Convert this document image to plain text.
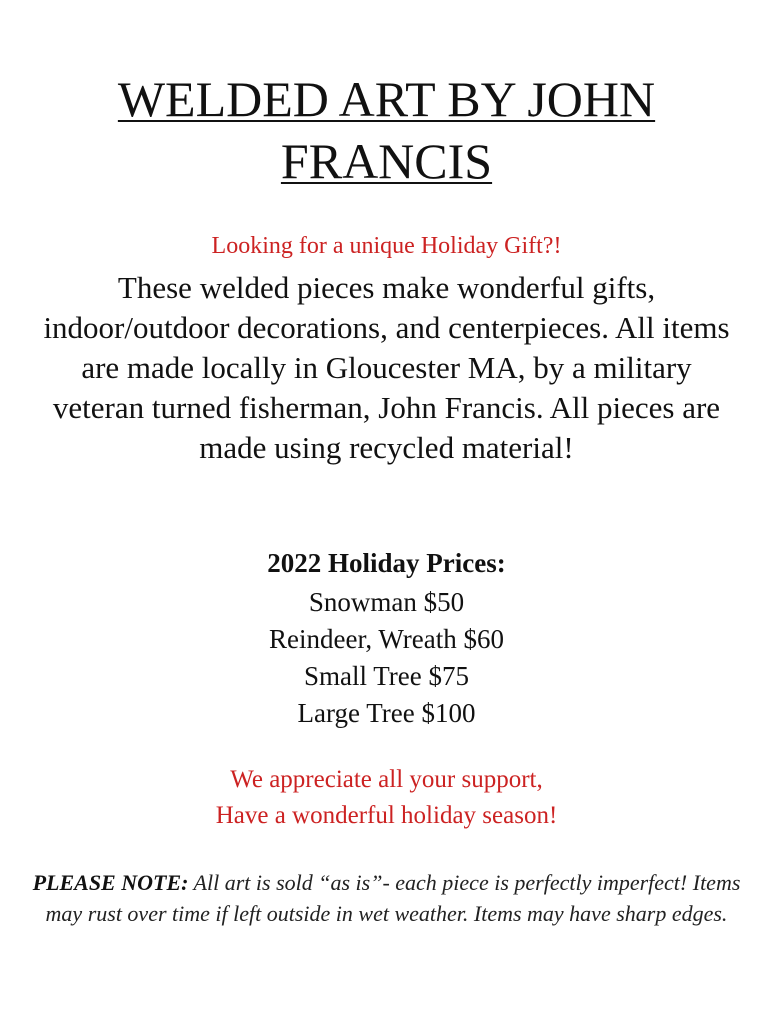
WELDED ART BY JOHN
FRANCIS
Looking for a unique Holiday Gift?!
These welded pieces make wonderful gifts, indoor/outdoor decorations, and centerpieces. All items are made locally in Gloucester MA, by a military veteran turned fisherman, John Francis. All pieces are made using recycled material!
2022 Holiday Prices:
Snowman $50
Reindeer, Wreath $60
Small Tree $75
Large Tree $100
We appreciate all your support,
Have a wonderful holiday season!
PLEASE NOTE: All art is sold “as is”- each piece is perfectly imperfect! Items may rust over time if left outside in wet weather. Items may have sharp edges.
